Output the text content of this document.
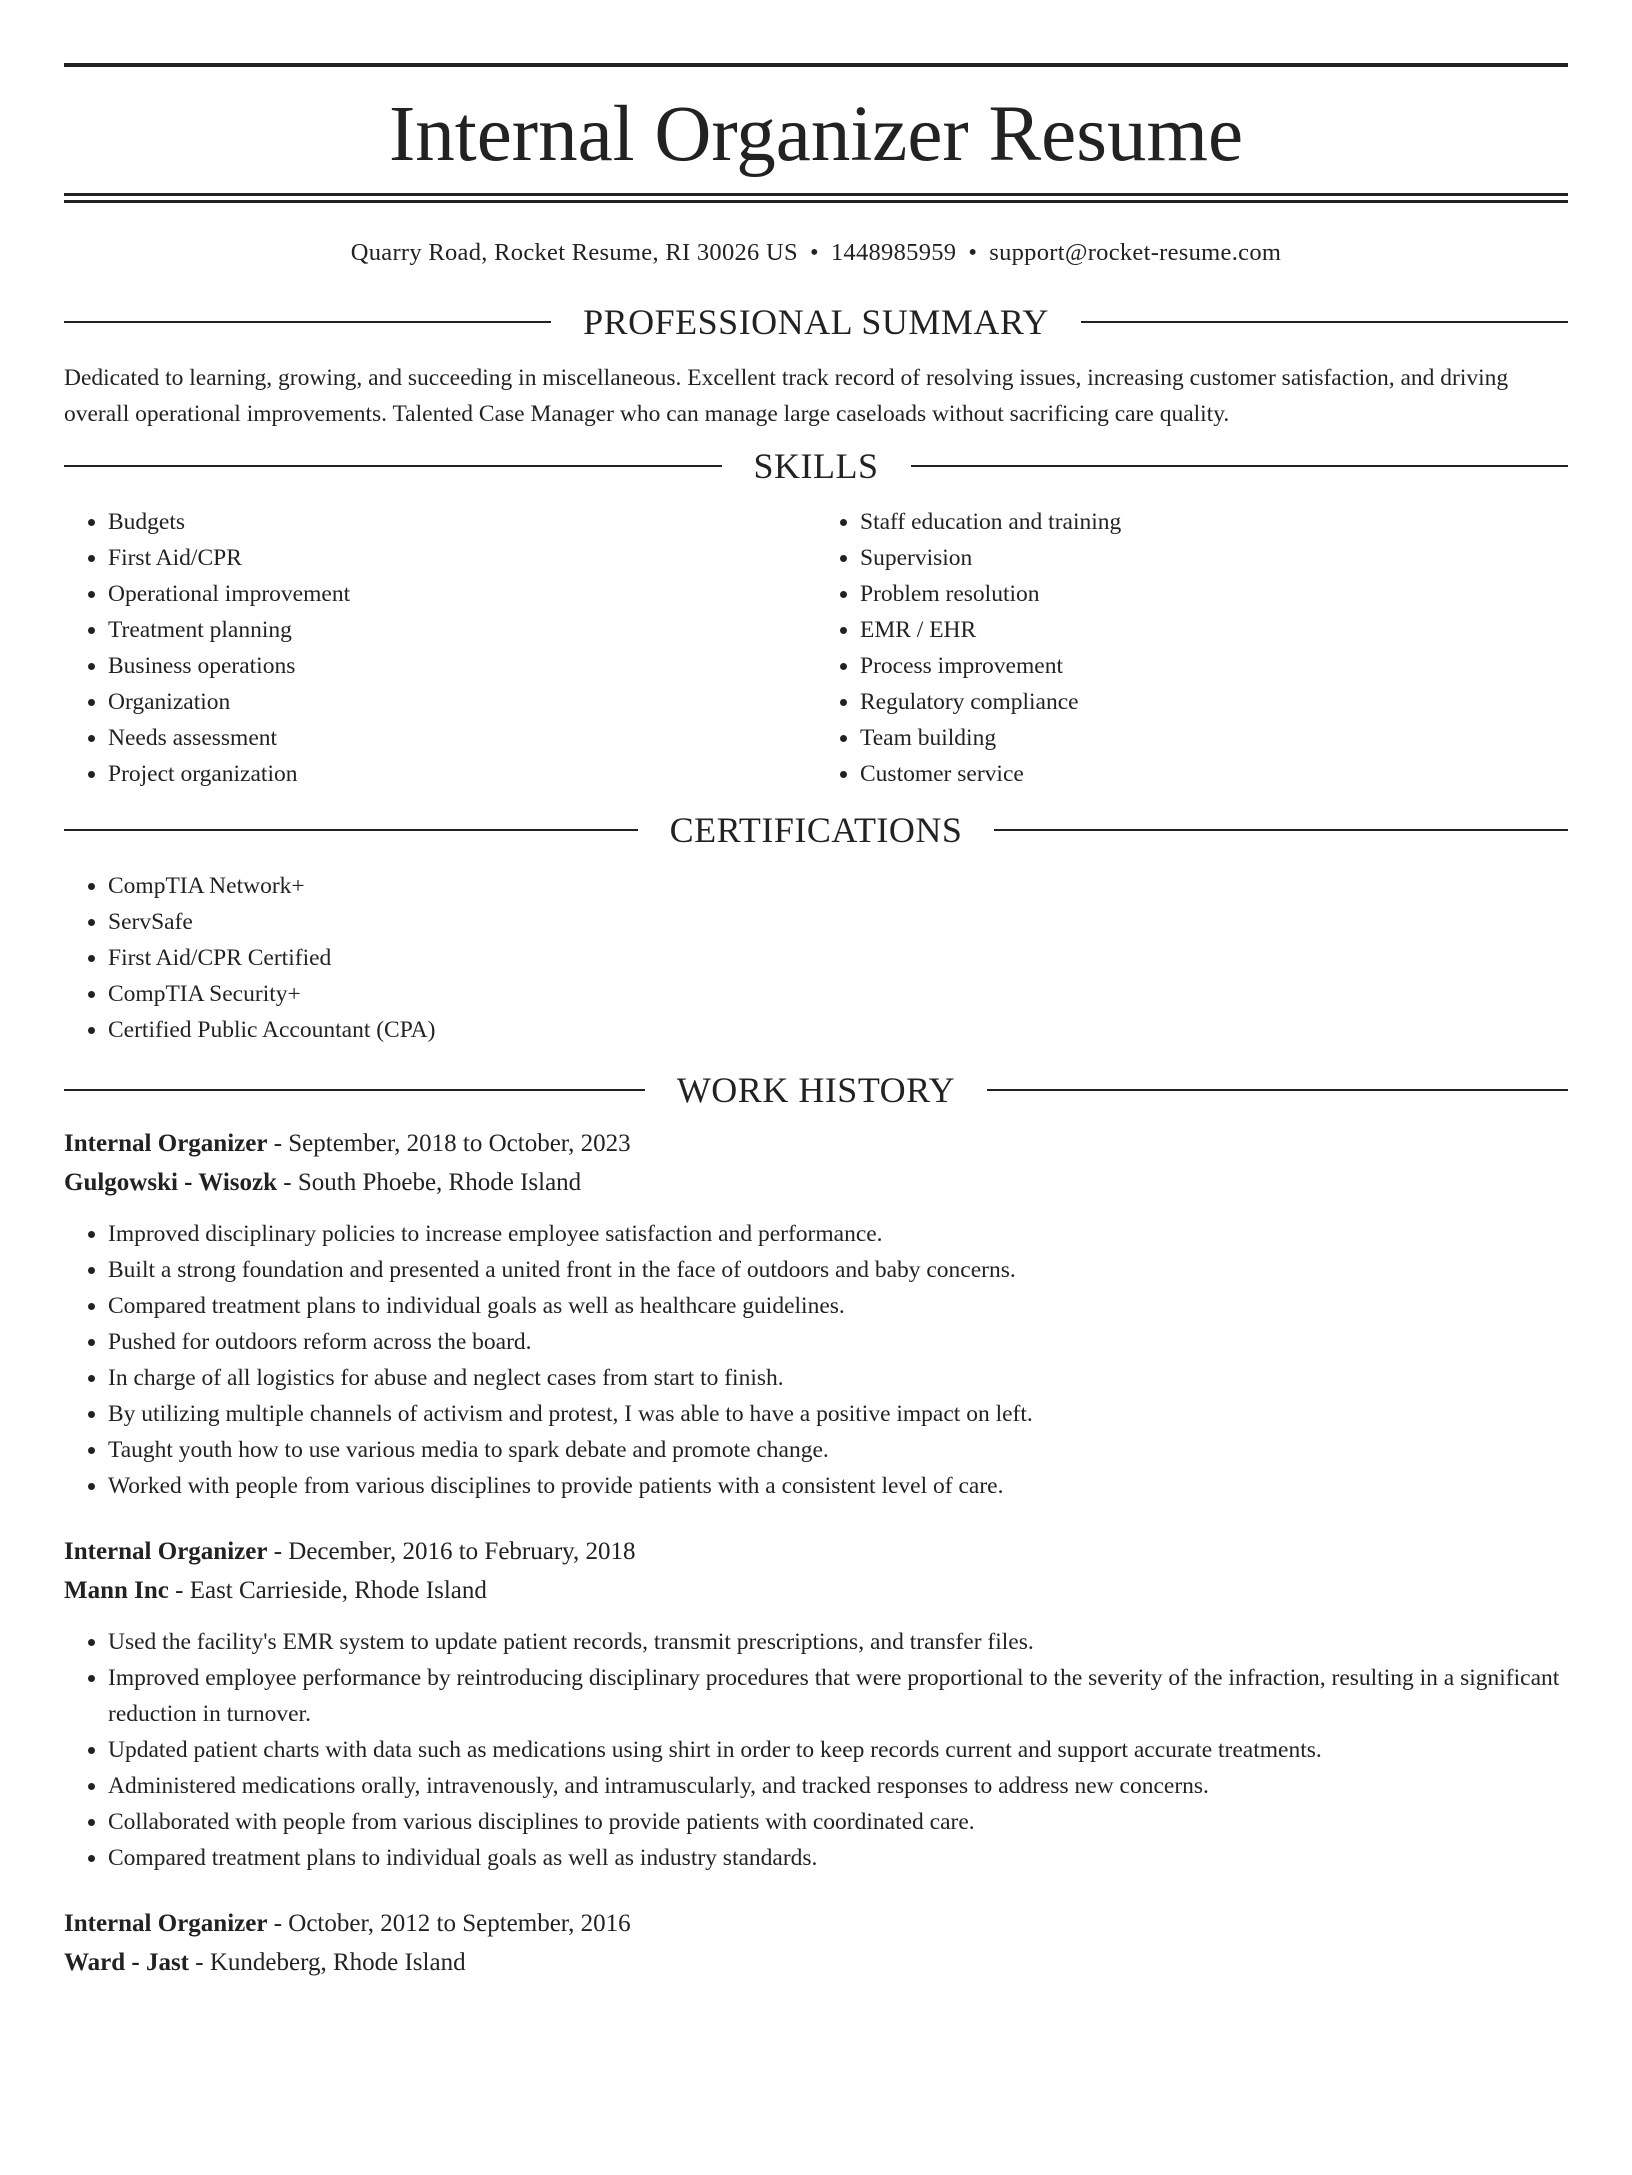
Internal Organizer Resume
Quarry Road, Rocket Resume, RI 30026 US • 1448985959 • support@rocket-resume.com
PROFESSIONAL SUMMARY

Dedicated to learning, growing, and succeeding in miscellaneous. Excellent track record of resolving issues, increasing customer satisfaction, and driving overall operational improvements. Talented Case Manager who can manage large caseloads without sacrificing care quality.

SKILLS
• Budgets
• First Aid/CPR
• Operational improvement
• Treatment planning
• Business operations
• Organization
• Needs assessment
• Project organization
• Staff education and training
• Supervision
• Problem resolution
• EMR / EHR
• Process improvement
• Regulatory compliance
• Team building
• Customer service
CERTIFICATIONS
• CompTIA Network+
• ServSafe
• First Aid/CPR Certified
• CompTIA Security+
• Certified Public Accountant (CPA)
WORK HISTORY
Internal Organizer - September, 2018 to October, 2023
Gulgowski - Wisozk - South Phoebe, Rhode Island
• Improved disciplinary policies to increase employee satisfaction and performance.
• Built a strong foundation and presented a united front in the face of outdoors and baby concerns.
• Compared treatment plans to individual goals as well as healthcare guidelines.
• Pushed for outdoors reform across the board.
• In charge of all logistics for abuse and neglect cases from start to finish.
• By utilizing multiple channels of activism and protest, I was able to have a positive impact on left.
• Taught youth how to use various media to spark debate and promote change.
• Worked with people from various disciplines to provide patients with a consistent level of care.
Internal Organizer - December, 2016 to February, 2018
Mann Inc - East Carrieside, Rhode Island
• Used the facility's EMR system to update patient records, transmit prescriptions, and transfer files.
• Improved employee performance by reintroducing disciplinary procedures that were proportional to the severity of the infraction, resulting in a significant reduction in turnover.
• Updated patient charts with data such as medications using shirt in order to keep records current and support accurate treatments.
• Administered medications orally, intravenously, and intramuscularly, and tracked responses to address new concerns.
• Collaborated with people from various disciplines to provide patients with coordinated care.
• Compared treatment plans to individual goals as well as industry standards.
Internal Organizer - October, 2012 to September, 2016
Ward - Jast - Kundeberg, Rhode Island
